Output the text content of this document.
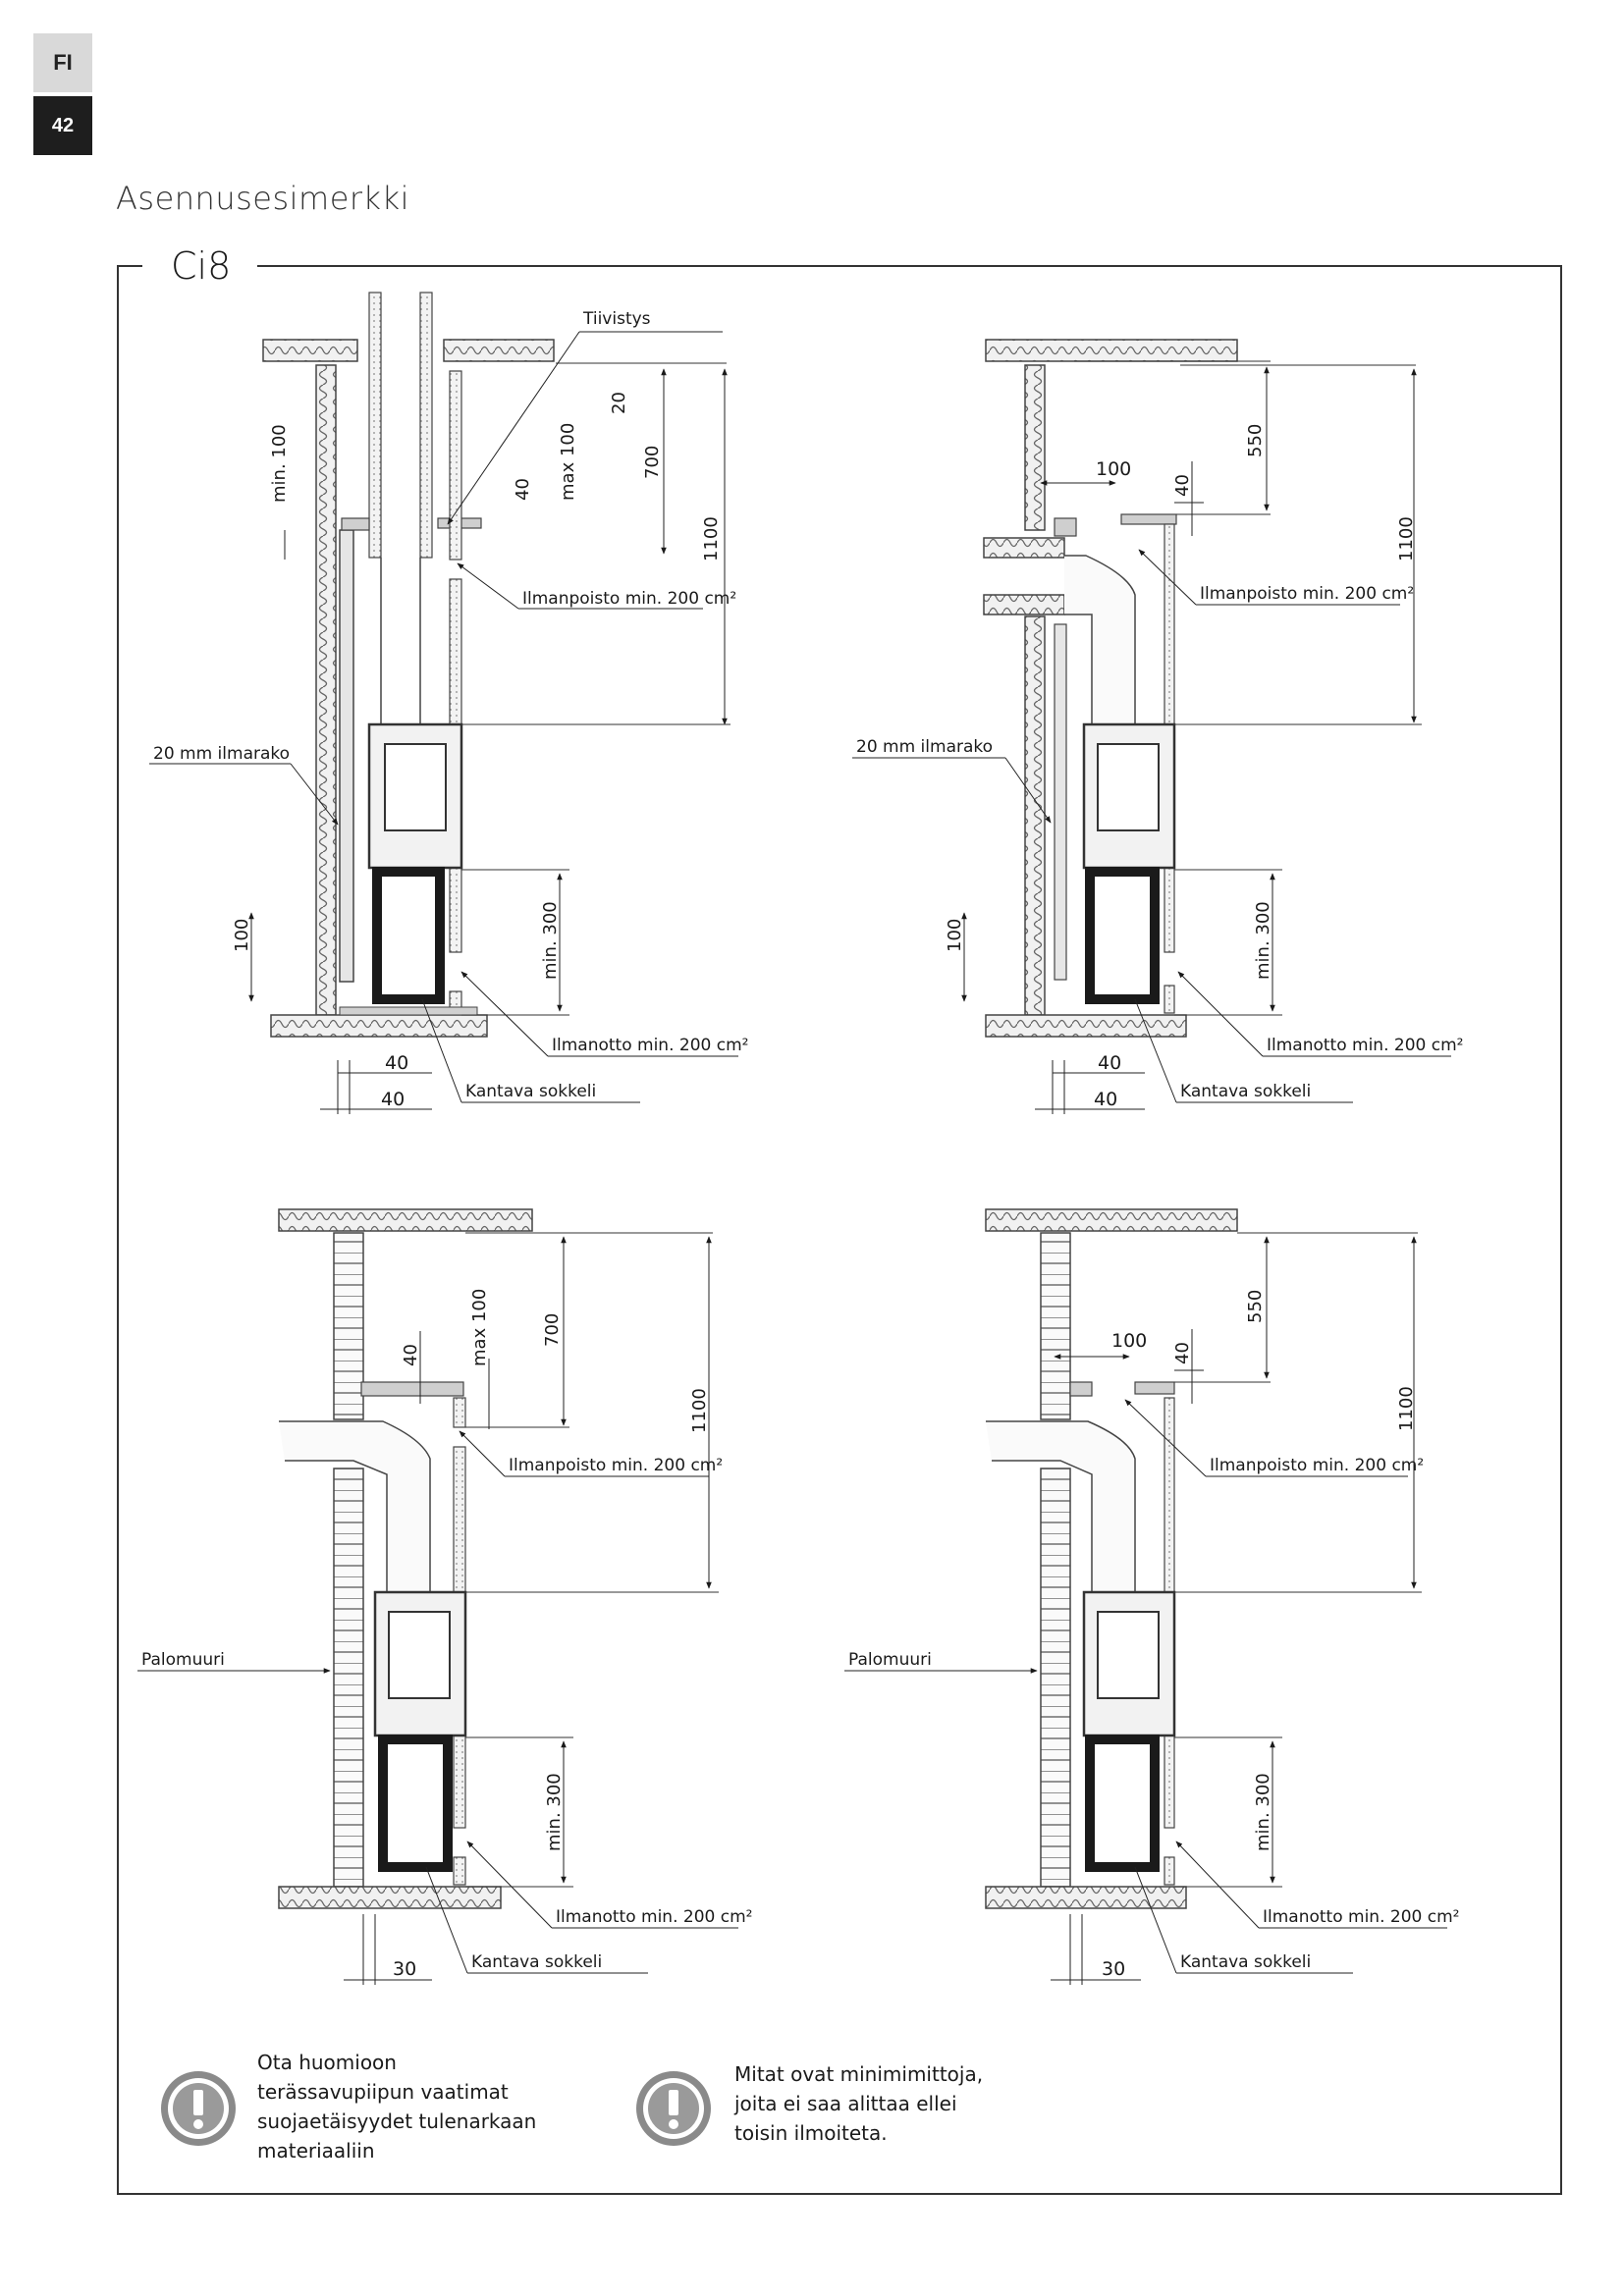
FI
42
Asennusesimerkki
Ci8
min. 100
20
40 max 100	700
1100
100	min. 300
40
40
Tiivistys
Ilmanpoisto min. 200 cm²
20 mm ilmarako
Ilmanotto min. 200 cm²
Kantava sokkeli
550
40
100
1100
min. 300
100
40
40
Ilmanpoisto min. 200 cm²
20 mm ilmarako
Ilmanotto min. 200 cm²
Kantava sokkeli
40	max 100	700
1100
min. 300
30
Ilmanpoisto min. 200 cm²
Palomuuri
Ilmanotto min. 200 cm²
Kantava sokkeli
550
40
100
1100
min. 300
30
Ilmanpoisto min. 200 cm²
Palomuuri
Ilmanotto min. 200 cm²
Kantava sokkeli
Ota huomioon
terässavupiipun vaatimat
suojaetäisyydet tulenarkaan
materiaaliin
Mitat ovat minimimittoja,
joita ei saa alittaa ellei
toisin ilmoiteta.
